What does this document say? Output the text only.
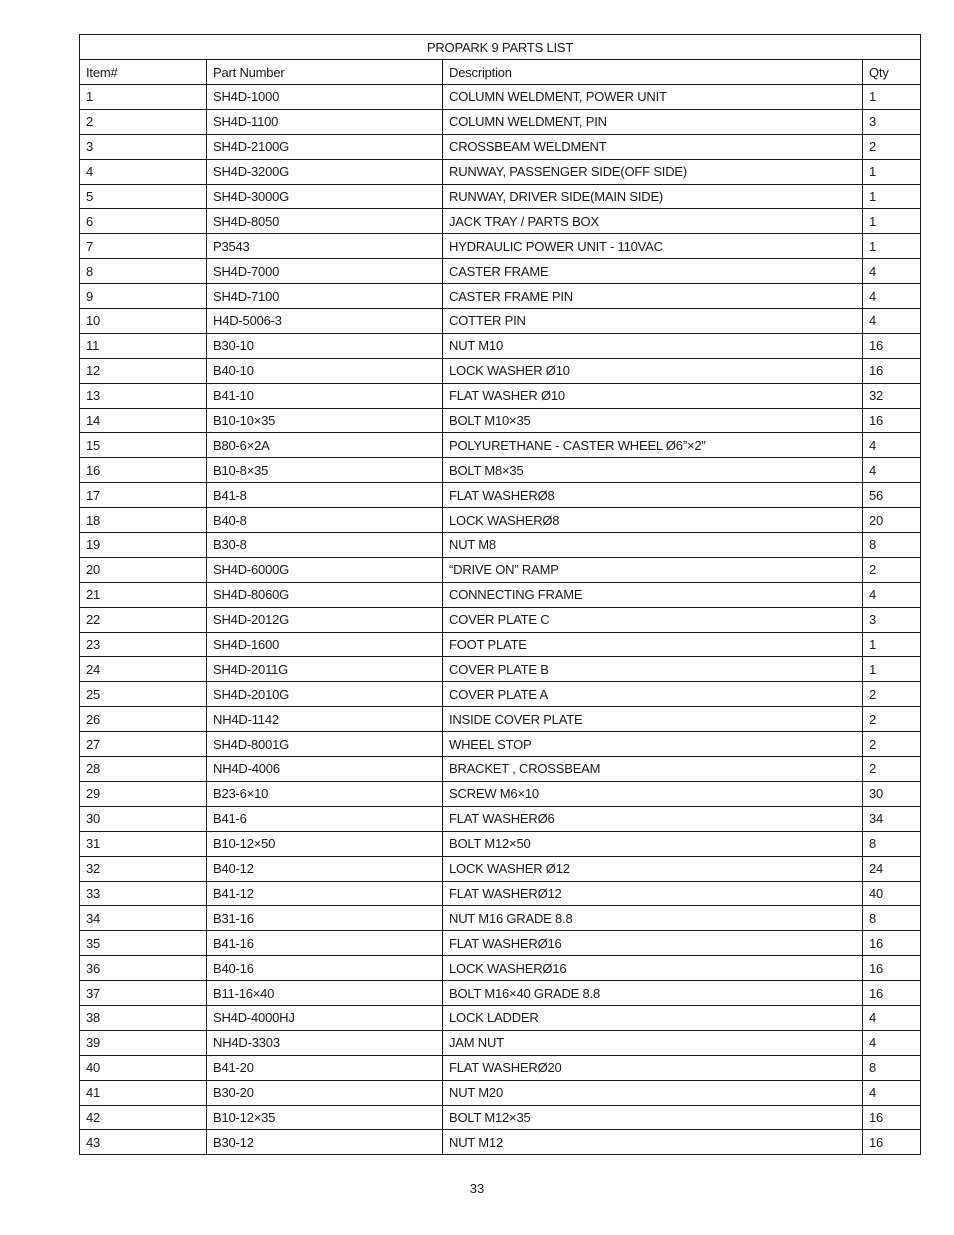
PROPARK 9 PARTS LIST			
Item#	Part Number	Description	Qty
1	SH4D-1000	COLUMN WELDMENT, POWER UNIT	1
2	SH4D-1100	COLUMN WELDMENT, PIN	3
3	SH4D-2100G	CROSSBEAM WELDMENT	2
4	SH4D-3200G	RUNWAY, PASSENGER SIDE(OFF SIDE)	1
5	SH4D-3000G	RUNWAY, DRIVER SIDE(MAIN SIDE)	1
6	SH4D-8050	JACK TRAY / PARTS BOX	1
7	P3543	HYDRAULIC POWER UNIT - 110VAC	1
8	SH4D-7000	CASTER FRAME	4
9	SH4D-7100	CASTER FRAME PIN	4
10	H4D-5006-3	COTTER PIN	4
11	B30-10	NUT M10	16
12	B40-10	LOCK WASHER Ø10	16
13	B41-10	FLAT WASHER Ø10	32
14	B10-10×35	BOLT M10×35	16
15	B80-6×2A	POLYURETHANE - CASTER WHEEL Ø6”×2”	4
16	B10-8×35	BOLT M8×35	4
17	B41-8	FLAT WASHERØ8	56
18	B40-8	LOCK WASHERØ8	20
19	B30-8	NUT M8	8
20	SH4D-6000G	“DRIVE ON” RAMP	2
21	SH4D-8060G	CONNECTING FRAME	4
22	SH4D-2012G	COVER PLATE C	3
23	SH4D-1600	FOOT PLATE	1
24	SH4D-2011G	COVER PLATE B	1
25	SH4D-2010G	COVER PLATE A	2
26	NH4D-1142	INSIDE COVER PLATE	2
27	SH4D-8001G	WHEEL STOP	2
28	NH4D-4006	BRACKET , CROSSBEAM	2
29	B23-6×10	SCREW M6×10	30
30	B41-6	FLAT WASHERØ6	34
31	B10-12×50	BOLT M12×50	8
32	B40-12	LOCK WASHER Ø12	24
33	B41-12	FLAT WASHERØ12	40
34	B31-16	NUT M16 GRADE 8.8	8
35	B41-16	FLAT WASHERØ16	16
36	B40-16	LOCK WASHERØ16	16
37	B11-16×40	BOLT M16×40 GRADE 8.8	16
38	SH4D-4000HJ	LOCK LADDER	4
39	NH4D-3303	JAM NUT	4
40	B41-20	FLAT WASHERØ20	8
41	B30-20	NUT M20	4
42	B10-12×35	BOLT M12×35	16
43	B30-12	NUT M12	16
33
